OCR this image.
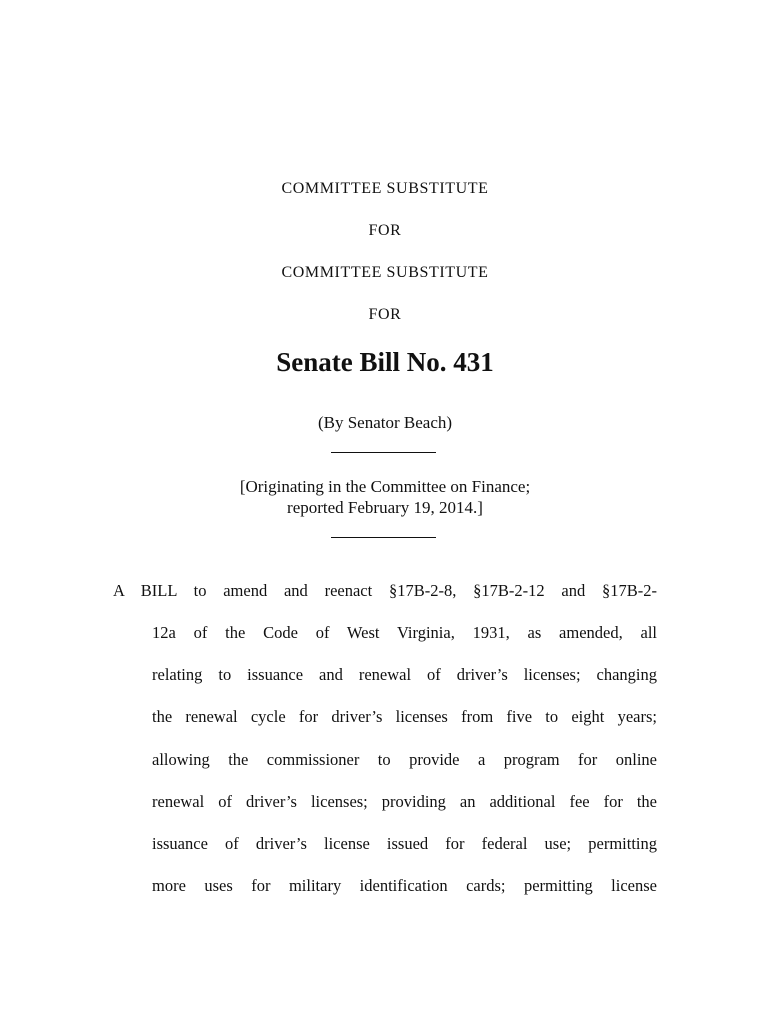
COMMITTEE SUBSTITUTE
FOR
COMMITTEE SUBSTITUTE
FOR
Senate Bill No. 431
(By Senator Beach)
[Originating in the Committee on Finance;
reported February 19, 2014.]
A BILL to amend and reenact §17B-2-8, §17B-2-12 and §17B-2-
12a of the Code of West Virginia, 1931, as amended, all
relating to issuance and renewal of driver’s licenses; changing
the renewal cycle for driver’s licenses from five to eight years;
allowing the commissioner to provide a program for online
renewal of driver’s licenses; providing an additional fee for the
issuance of driver’s license issued for federal use; permitting
more uses for military identification cards; permitting license
